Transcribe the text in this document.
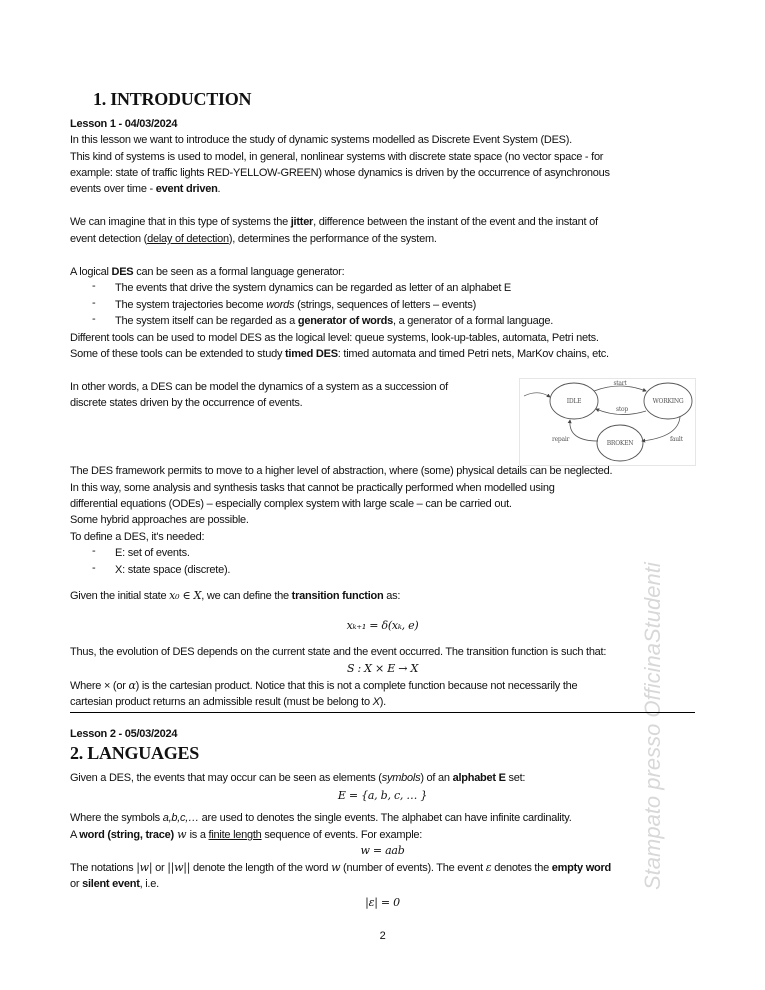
Stampato presso OfficinaStudenti
1. INTRODUCTION
Lesson 1 - 04/03/2024
In this lesson we want to introduce the study of dynamic systems modelled as Discrete Event System (DES).
This kind of systems is used to model, in general, nonlinear systems with discrete state space (no vector space - for
example: state of traffic lights RED-YELLOW-GREEN) whose dynamics is driven by the occurrence of asynchronous
events over time - event driven.
We can imagine that in this type of systems the jitter, difference between the instant of the event and the instant of
event detection (delay of detection), determines the performance of the system.
A logical DES can be seen as a formal language generator:
- The events that drive the system dynamics can be regarded as letter of an alphabet E
- The system trajectories become words (strings, sequences of letters – events)
- The system itself can be regarded as a generator of words, a generator of a formal language.
Different tools can be used to model DES as the logical level: queue systems, look-up-tables, automata, Petri nets.
Some of these tools can be extended to study timed DES: timed automata and timed Petri nets, MarKov chains, etc.
In other words, a DES can be model the dynamics of a system as a succession of
discrete states driven by the occurrence of events.	IDLE	WORKING
BROKEN
start
stop
fault
repair
The DES framework permits to move to a higher level of abstraction, where (some) physical details can be neglected.
In this way, some analysis and synthesis tasks that cannot be practically performed when modelled using
differential equations (ODEs) – especially complex system with large scale – can be carried out.
Some hybrid approaches are possible.
To define a DES, it's needed:
- E: set of events.
- X: state space (discrete).
Given the initial state x₀ ∈ X, we can define the transition function as:
xₖ₊₁ = δ(xₖ, e)
Thus, the evolution of DES depends on the current state and the event occurred. The transition function is such that:
S : X × E → X
Where × (or α) is the cartesian product. Notice that this is not a complete function because not necessarily the
cartesian product returns an admissible result (must be belong to X).
Lesson 2 - 05/03/2024
2. LANGUAGES
Given a DES, the events that may occur can be seen as elements (symbols) of an alphabet E set:
E = {a, b, c, … }
Where the symbols a,b,c,… are used to denotes the single events. The alphabet can have infinite cardinality.
A word (string, trace) w is a finite length sequence of events. For example:
w = aab
The notations |w| or ||w|| denote the length of the word w (number of events). The event ε denotes the empty word
or silent event, i.e.
|ε| = 0
2
